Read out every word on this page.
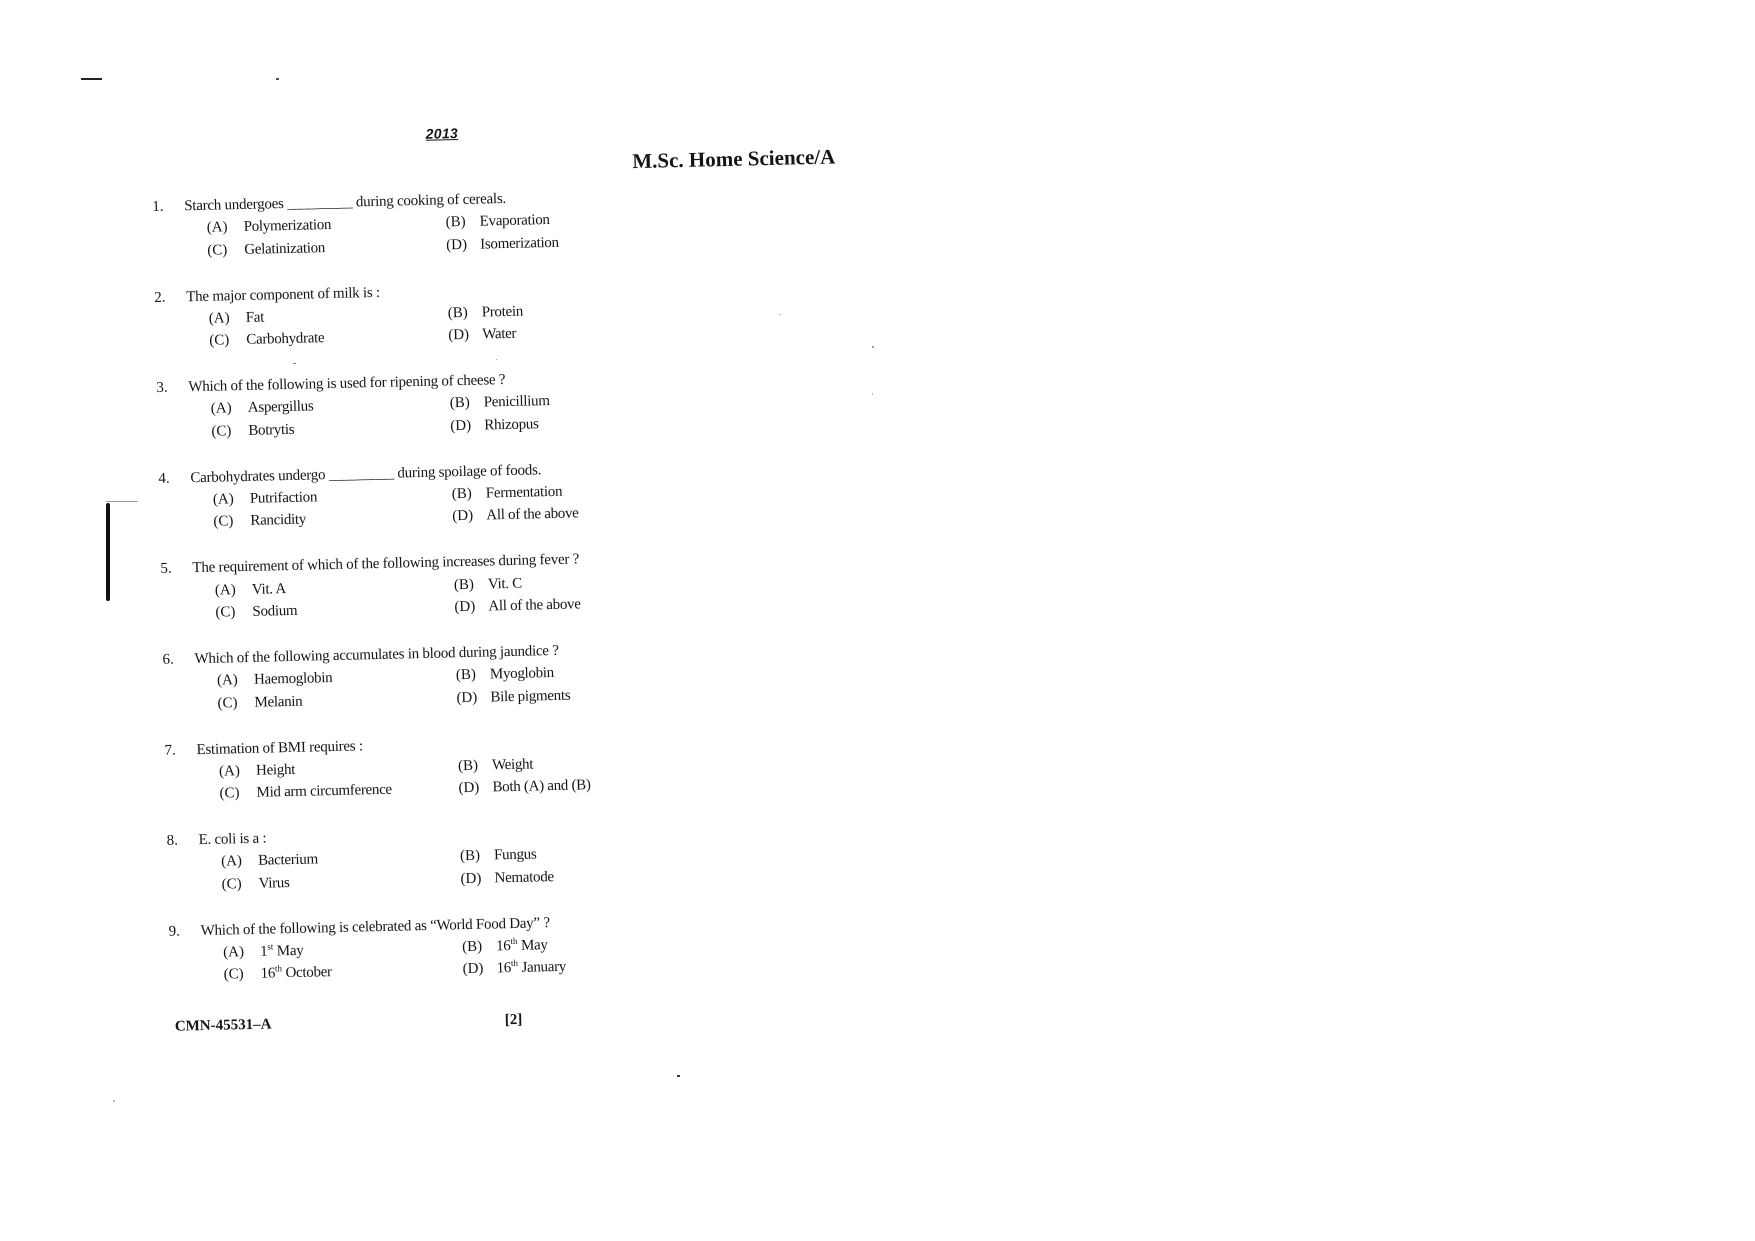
2013
M.Sc. Home Science/A
1. Starch undergoes _________ during cooking of cereals.
(A) Polymerization	(B) Evaporation
(C) Gelatinization	(D) Isomerization
2. The major component of milk is :
(A) Fat	(B) Protein
(C) Carbohydrate	(D) Water
3. Which of the following is used for ripening of cheese ?
(A) Aspergillus	(B) Penicillium
(C) Botrytis	(D) Rhizopus
4. Carbohydrates undergo _________ during spoilage of foods.
(A) Putrifaction	(B) Fermentation
(C) Rancidity	(D) All of the above
5. The requirement of which of the following increases during fever ?
(A) Vit. A	(B) Vit. C
(C) Sodium	(D) All of the above
6. Which of the following accumulates in blood during jaundice ?
(A) Haemoglobin	(B) Myoglobin
(C) Melanin	(D) Bile pigments
7. Estimation of BMI requires :
(A) Height	(B) Weight
(C) Mid arm circumference	(D) Both (A) and (B)
8. E. coli is a :
(A) Bacterium	(B) Fungus
(C) Virus	(D) Nematode
9. Which of the following is celebrated as “World Food Day” ?
(A) 1st May	(B) 16th May
(C) 16th October	(D) 16th January
CMN-45531–A	[2]
